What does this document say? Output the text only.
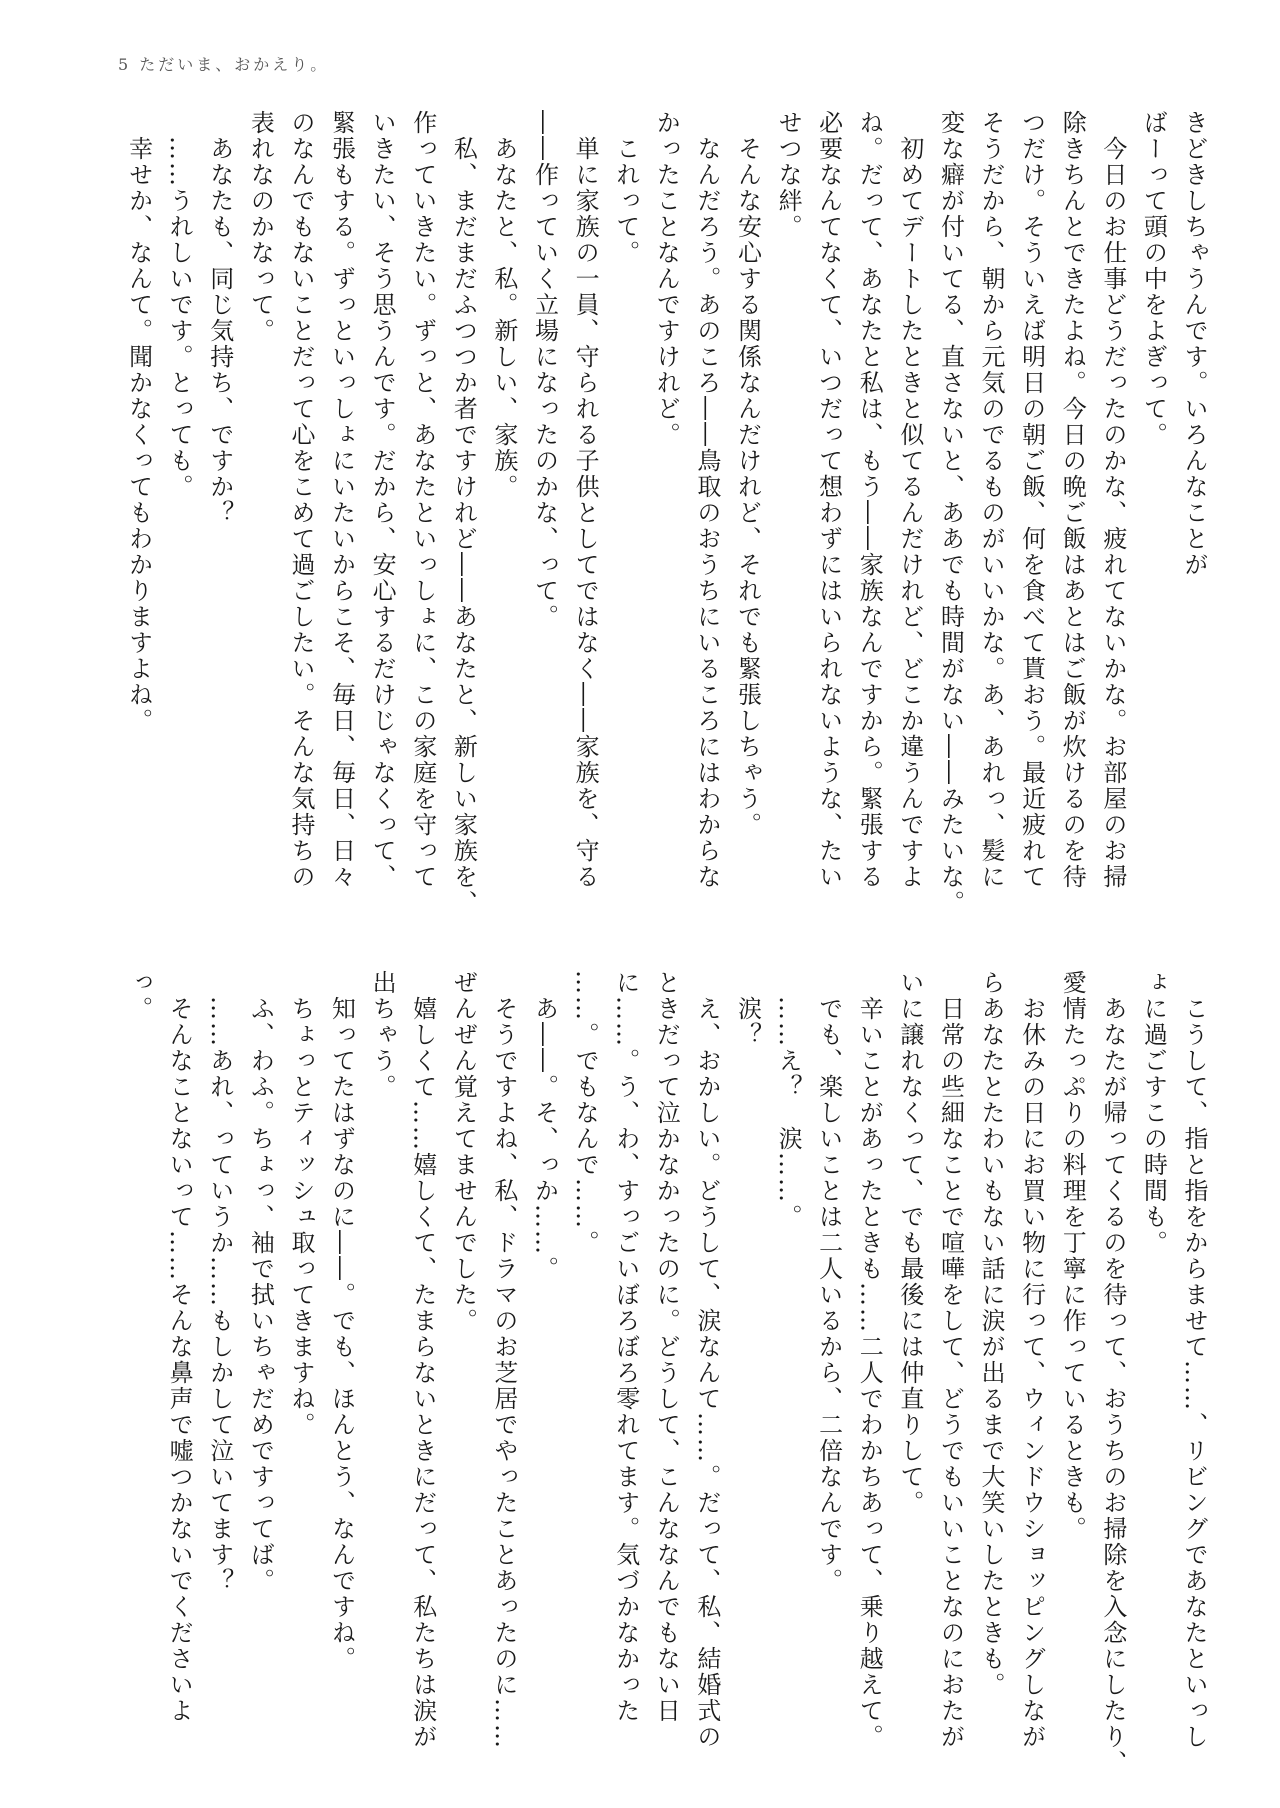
5 ただいま、おかえり。
きどきしちゃうんです。いろんなことが
ばーって頭の中をよぎって。
　今日のお仕事どうだったのかな、疲れてないかな。お部屋のお掃
除きちんとできたよね。今日の晩ご飯はあとはご飯が炊けるのを待
つだけ。そういえば明日の朝ご飯、何を食べて貰おう。最近疲れて
そうだから、朝から元気のでるものがいいかな。あ、あれっ、髪に
変な癖が付いてる、直さないと、ああでも時間がない――みたいな。
　初めてデートしたときと似てるんだけれど、どこか違うんですよ
ね。だって、あなたと私は、もう――家族なんですから。緊張する
必要なんてなくて、いつだって想わずにはいられないような、たい
せつな絆。
　そんな安心する関係なんだけれど、それでも緊張しちゃう。
　なんだろう。あのころ――鳥取のおうちにいるころにはわからな
かったことなんですけれど。
　これって。
　単に家族の一員、守られる子供としてではなく――家族を、守る
――作っていく立場になったのかな、って。
　あなたと、私。新しい、家族。
　私、まだまだふつつか者ですけれど――あなたと、新しい家族を、
作っていきたい。ずっと、あなたといっしょに、この家庭を守って
いきたい、そう思うんです。だから、安心するだけじゃなくって、
緊張もする。ずっといっしょにいたいからこそ、毎日、毎日、日々
のなんでもないことだって心をこめて過ごしたい。そんな気持ちの
表れなのかなって。
　あなたも、同じ気持ち、ですか？
　……うれしいです。とっても。
　幸せか、なんて。聞かなくってもわかりますよね。
　こうして、指と指をからませて……、リビングであなたといっし
ょに過ごすこの時間も。
　あなたが帰ってくるのを待って、おうちのお掃除を入念にしたり、
愛情たっぷりの料理を丁寧に作っているときも。
　お休みの日にお買い物に行って、ウィンドウショッピングしなが
らあなたとたわいもない話に涙が出るまで大笑いしたときも。
　日常の些細なことで喧嘩をして、どうでもいいことなのにおたが
いに譲れなくって、でも最後には仲直りして。
　辛いことがあったときも……二人でわかちあって、乗り越えて。
　でも、楽しいことは二人いるから、二倍なんです。
　……え？　涙……。
　涙？
　え、おかしい。どうして、涙なんて……。だって、私、結婚式の
ときだって泣かなかったのに。どうして、こんななんでもない日
に……。う、わ、すっごいぼろぼろ零れてます。気づかなかった
……。でもなんで……。
　あ――。そ、っか……。
　そうですよね、私、ドラマのお芝居でやったことあったのに……
ぜんぜん覚えてませんでした。
　嬉しくて……嬉しくて、たまらないときにだって、私たちは涙が
出ちゃう。
　知ってたはずなのに――。でも、ほんとう、なんですね。
　ちょっとティッシュ取ってきますね。
　ふ、わふ。ちょっ、袖で拭いちゃだめですってば。
　……あれ、っていうか……もしかして泣いてます？
　そんなことないって……そんな鼻声で嘘つかないでくださいよ
っ。
